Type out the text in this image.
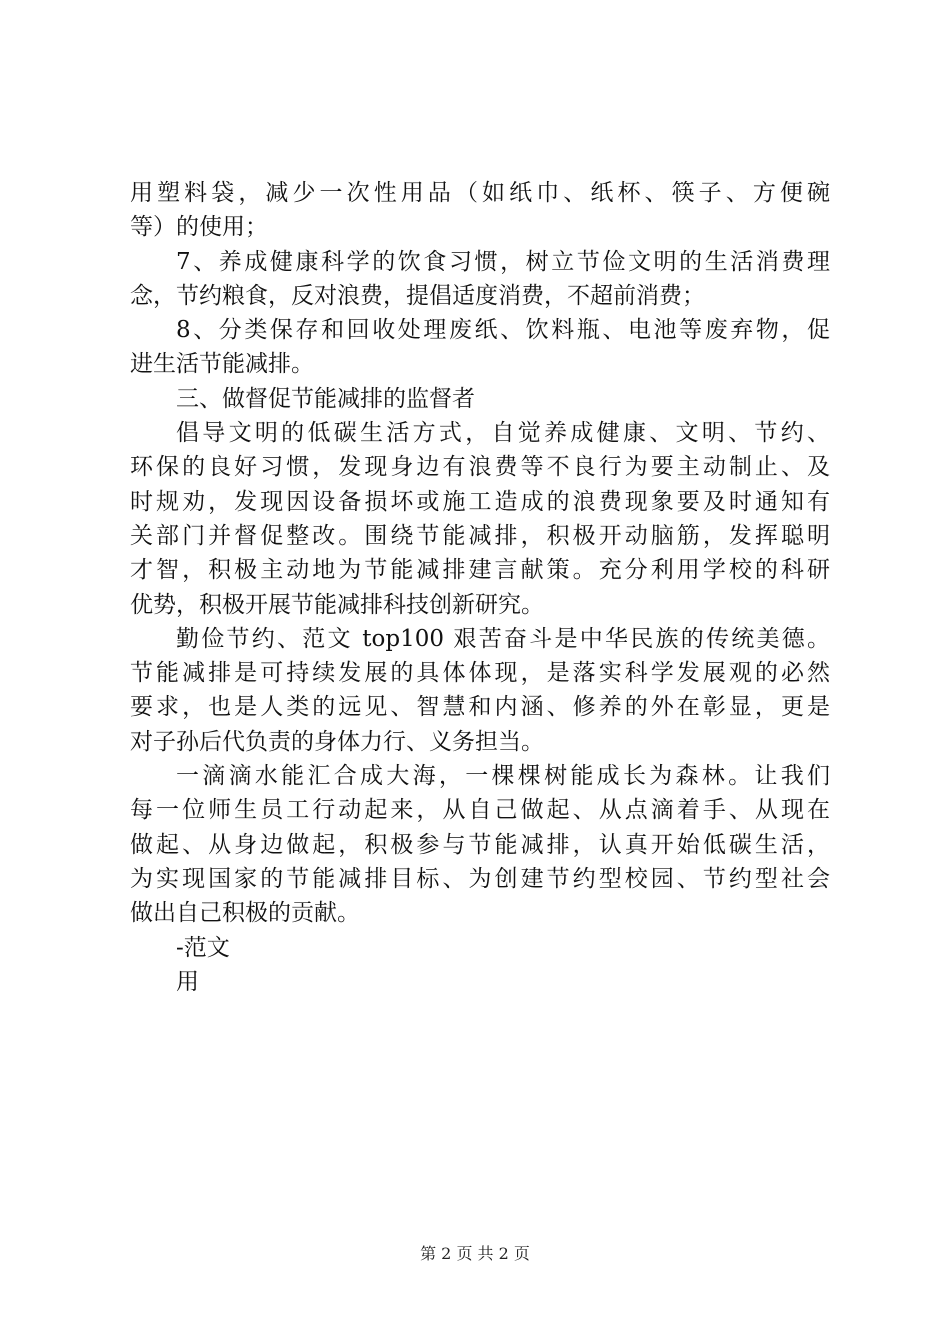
用塑料袋，减少一次性用品（如纸巾、纸杯、筷子、方便碗
等）的使用；
7、养成健康科学的饮食习惯，树立节俭文明的生活消费理
念，节约粮食，反对浪费，提倡适度消费，不超前消费；
8、分类保存和回收处理废纸、饮料瓶、电池等废弃物，促
进生活节能减排。
三、做督促节能减排的监督者
倡导文明的低碳生活方式，自觉养成健康、文明、节约、
环保的良好习惯，发现身边有浪费等不良行为要主动制止、及
时规劝，发现因设备损坏或施工造成的浪费现象要及时通知有
关部门并督促整改。围绕节能减排，积极开动脑筋，发挥聪明
才智，积极主动地为节能减排建言献策。充分利用学校的科研
优势，积极开展节能减排科技创新研究。
勤俭节约、范文 top100 艰苦奋斗是中华民族的传统美德。
节能减排是可持续发展的具体体现，是落实科学发展观的必然
要求，也是人类的远见、智慧和内涵、修养的外在彰显，更是
对子孙后代负责的身体力行、义务担当。
一滴滴水能汇合成大海，一棵棵树能成长为森林。让我们
每一位师生员工行动起来，从自己做起、从点滴着手、从现在
做起、从身边做起，积极参与节能减排，认真开始低碳生活，
为实现国家的节能减排目标、为创建节约型校园、节约型社会
做出自己积极的贡献。
-范文
用
第 2 页 共 2 页
